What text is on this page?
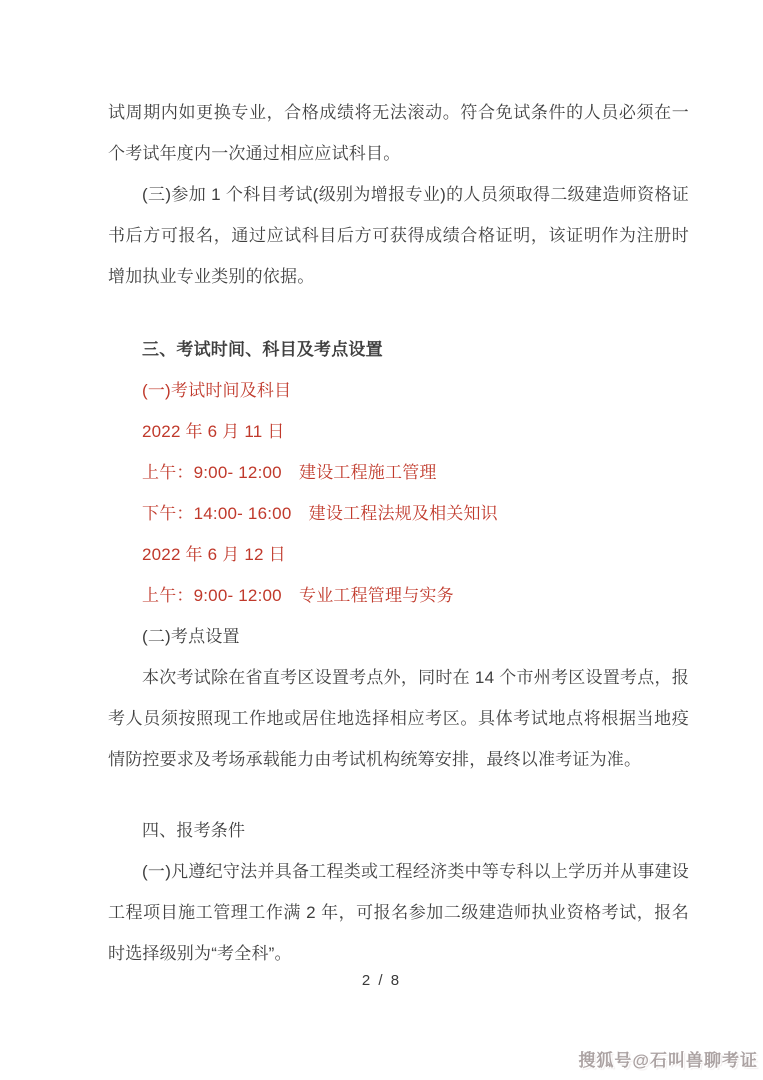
试周期内如更换专业，合格成绩将无法滚动。符合免试条件的人员必须在一个考试年度内一次通过相应应试科目。

(三)参加 1 个科目考试(级别为增报专业)的人员须取得二级建造师资格证书后方可报名，通过应试科目后方可获得成绩合格证明，该证明作为注册时增加执业专业类别的依据。

三、考试时间、科目及考点设置

(一)考试时间及科目

2022 年 6 月 11 日

上午：9:00- 12:00　建设工程施工管理

下午：14:00- 16:00　建设工程法规及相关知识

2022 年 6 月 12 日

上午：9:00- 12:00　专业工程管理与实务

(二)考点设置

本次考试除在省直考区设置考点外，同时在 14 个市州考区设置考点，报考人员须按照现工作地或居住地选择相应考区。具体考试地点将根据当地疫情防控要求及考场承载能力由考试机构统筹安排，最终以准考证为准。

四、报考条件

(一)凡遵纪守法并具备工程类或工程经济类中等专科以上学历并从事建设工程项目施工管理工作满 2 年，可报名参加二级建造师执业资格考试，报名时选择级别为“考全科”。

2 / 8
搜狐号@石叫兽聊考证
